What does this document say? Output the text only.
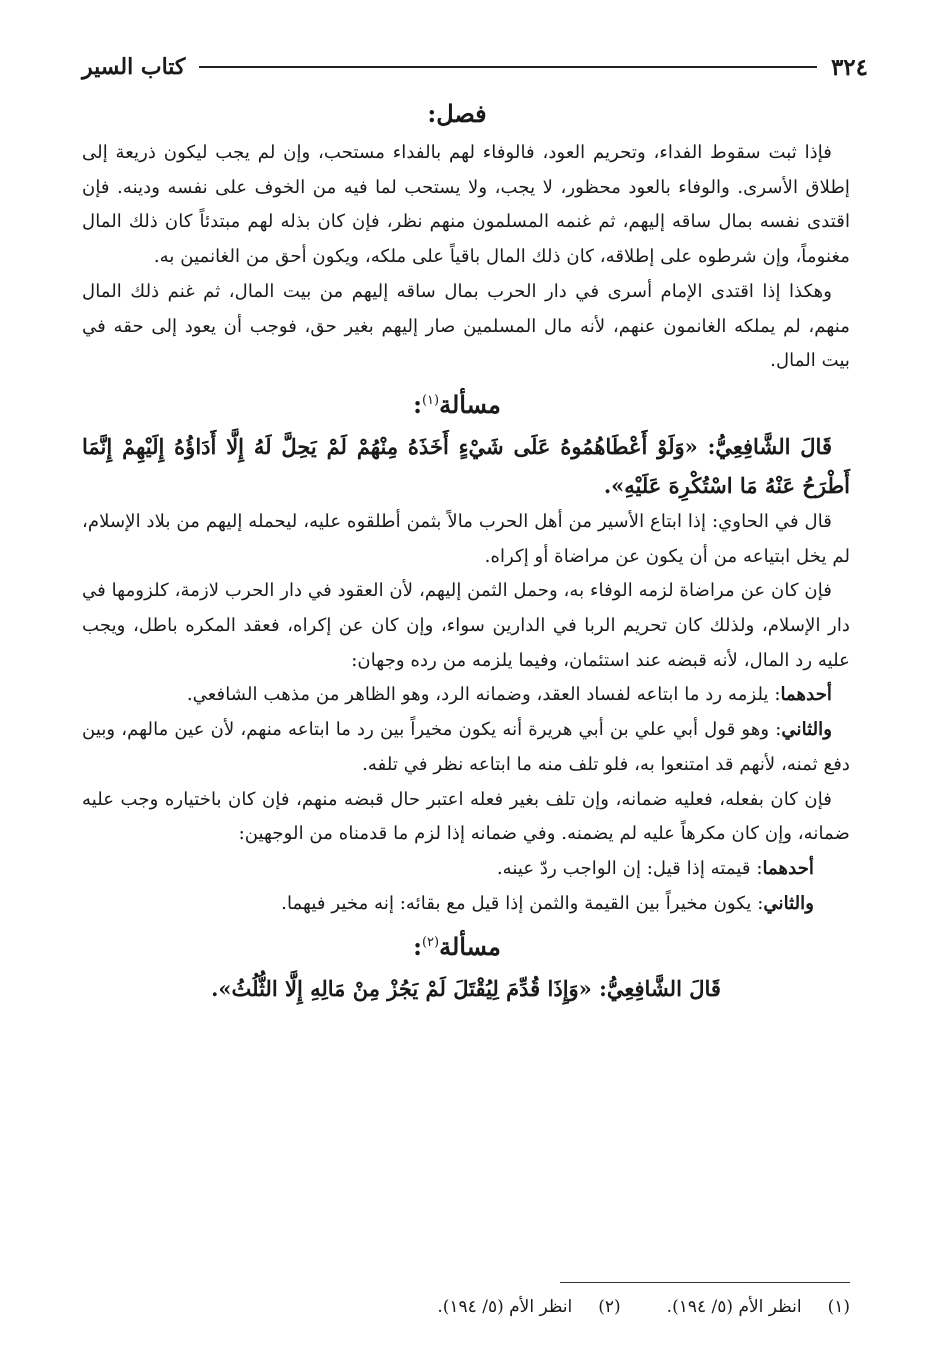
٣٢٤
كتاب السير

فصل:

فإذا ثبت سقوط الفداء، وتحريم العود، فالوفاء لهم بالفداء مستحب، وإن لم يجب ليكون ذريعة إلى إطلاق الأسرى. والوفاء بالعود محظور، لا يجب، ولا يستحب لما فيه من الخوف على نفسه ودينه. فإن اقتدى نفسه بمال ساقه إليهم، ثم غنمه المسلمون منهم نظر، فإن كان بذله لهم مبتدئاً كان ذلك المال مغنوماً، وإن شرطوه على إطلاقه، كان ذلك المال باقياً على ملكه، ويكون أحق من الغانمين به.

وهكذا إذا اقتدى الإمام أسرى في دار الحرب بمال ساقه إليهم من بيت المال، ثم غنم ذلك المال منهم، لم يملكه الغانمون عنهم، لأنه مال المسلمين صار إليهم بغير حق، فوجب أن يعود إلى حقه في بيت المال.

مسألة$^{(١)}$:

قَالَ الشَّافِعِيُّ: «وَلَوْ أَعْطَاهُمُوهُ عَلَى شَيْءٍ أَخَذَهُ مِنْهُمْ لَمْ يَحِلَّ لَهُ إِلَّا أَدَاؤُهُ إِلَيْهِمْ إِنَّمَا أَطْرَحُ عَنْهُ مَا اسْتُكْرِهَ عَلَيْهِ».

قال في الحاوي: إذا ابتاع الأسير من أهل الحرب مالاً بثمن أطلقوه عليه، ليحمله إليهم من بلاد الإسلام، لم يخل ابتياعه من أن يكون عن مراضاة أو إكراه.

فإن كان عن مراضاة لزمه الوفاء به، وحمل الثمن إليهم، لأن العقود في دار الحرب لازمة، كلزومها في دار الإسلام، ولذلك كان تحريم الربا في الدارين سواء، وإن كان عن إكراه، فعقد المكره باطل، ويجب عليه رد المال، لأنه قبضه عند استئمان، وفيما يلزمه من رده وجهان:

أحدهما: يلزمه رد ما ابتاعه لفساد العقد، وضمانه الرد، وهو الظاهر من مذهب الشافعي.

والثاني: وهو قول أبي علي بن أبي هريرة أنه يكون مخيراً بين رد ما ابتاعه منهم، لأن عين مالهم، وبين دفع ثمنه، لأنهم قد امتنعوا به، فلو تلف منه ما ابتاعه نظر في تلفه.

فإن كان بفعله، فعليه ضمانه، وإن تلف بغير فعله اعتبر حال قبضه منهم، فإن كان باختياره وجب عليه ضمانه، وإن كان مكرهاً عليه لم يضمنه. وفي ضمانه إذا لزم ما قدمناه من الوجهين:

أحدهما: قيمته إذا قيل: إن الواجب ردّ عينه.

والثاني: يكون مخيراً بين القيمة والثمن إذا قيل مع بقائه: إنه مخير فيهما.

مسألة$^{(٢)}$:

قَالَ الشَّافِعِيُّ: «وَإِذَا قُدِّمَ لِيُقْتَلَ لَمْ يَجُزْ مِنْ مَالِهِ إِلَّا الثُّلُثُ».

(١)انظر الأم (٥/ ١٩٤).
(٢)انظر الأم (٥/ ١٩٤).
